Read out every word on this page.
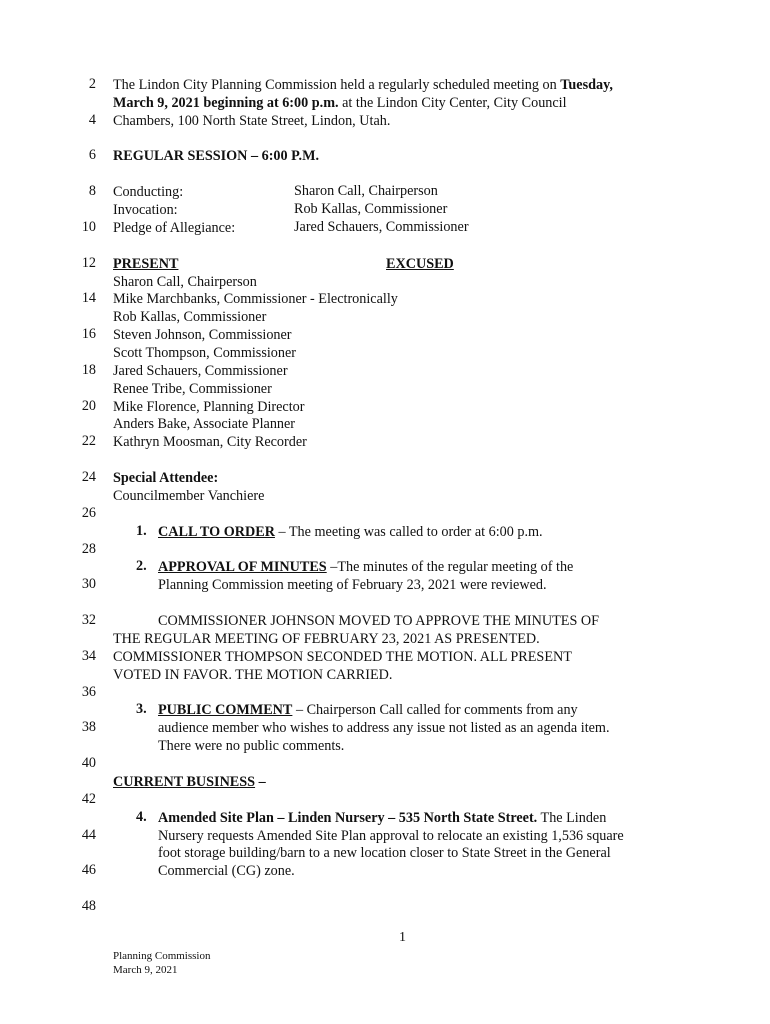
2
4
6
8
10
12
14
16
18
20
22
24
26
28
30
32
34
36
38
40
42
44
46
48
The Lindon City Planning Commission held a regularly scheduled meeting on Tuesday,
March 9, 2021 beginning at 6:00 p.m. at the Lindon City Center, City Council
Chambers, 100 North State Street, Lindon, Utah.
REGULAR SESSION – 6:00 P.M.
Conducting:	Sharon Call, Chairperson
Invocation:	Rob Kallas, Commissioner
Pledge of Allegiance:	Jared Schauers, Commissioner
PRESENT	EXCUSED
Sharon Call, Chairperson
Mike Marchbanks, Commissioner - Electronically
Rob Kallas, Commissioner
Steven Johnson, Commissioner
Scott Thompson, Commissioner
Jared Schauers, Commissioner
Renee Tribe, Commissioner
Mike Florence, Planning Director
Anders Bake, Associate Planner
Kathryn Moosman, City Recorder
Special Attendee:
Councilmember Vanchiere
1. CALL TO ORDER – The meeting was called to order at 6:00 p.m.
2. APPROVAL OF MINUTES –The minutes of the regular meeting of the
Planning Commission meeting of February 23, 2021 were reviewed.
COMMISSIONER JOHNSON MOVED TO APPROVE THE MINUTES OF
THE REGULAR MEETING OF FEBRUARY 23, 2021 AS PRESENTED.
COMMISSIONER THOMPSON SECONDED THE MOTION. ALL PRESENT
VOTED IN FAVOR. THE MOTION CARRIED.
3. PUBLIC COMMENT – Chairperson Call called for comments from any
audience member who wishes to address any issue not listed as an agenda item.
There were no public comments.
CURRENT BUSINESS –
4. Amended Site Plan – Linden Nursery – 535 North State Street. The Linden
Nursery requests Amended Site Plan approval to relocate an existing 1,536 square
foot storage building/barn to a new location closer to State Street in the General
Commercial (CG) zone.
1
Planning Commission
March 9, 2021
